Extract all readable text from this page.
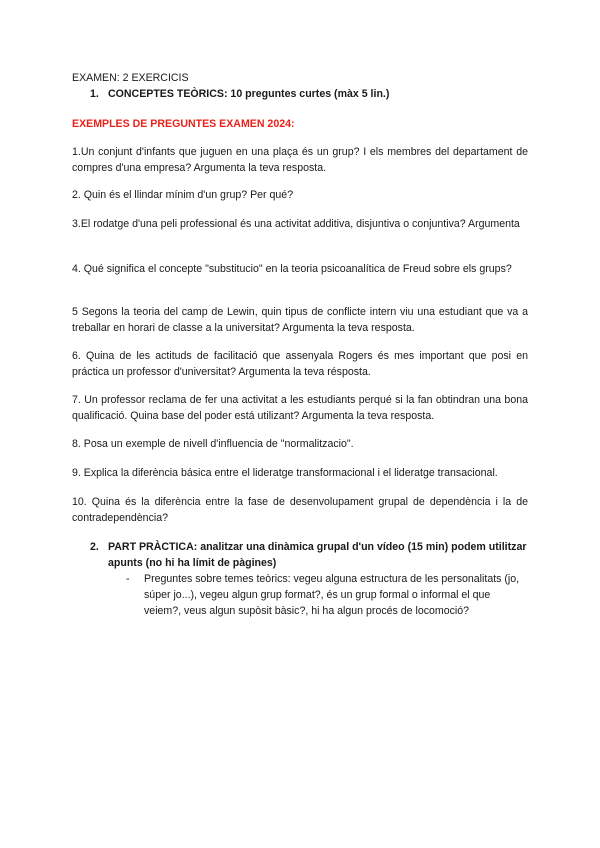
EXAMEN: 2 EXERCICIS
1. CONCEPTES TEÒRICS: 10 preguntes curtes (màx 5 lin.)
EXEMPLES DE PREGUNTES EXAMEN 2024:
1.Un conjunt d'infants que juguen en una plaça és un grup? I els membres del departament de compres d'una empresa? Argumenta la teva resposta.
2. Quin és el llindar mínim d'un grup? Per qué?
3.El rodatge d'una peli professional és una activitat additiva, disjuntiva o conjuntiva? Argumenta
4. Qué significa el concepte "substitucio" en la teoria psicoanalítica de Freud sobre els grups?
5 Segons la teoria del camp de Lewin, quin tipus de conflicte intern viu una estudiant que va a treballar en horari de classe a la universitat? Argumenta la teva resposta.
6. Quina de les actituds de facilitació que assenyala Rogers és mes important que posi en práctica un professor d'universitat? Argumenta la teva résposta.
7. Un professor reclama de fer una activitat a les estudiants perqué si la fan obtindran una bona qualificació. Quina base del poder está utilizant? Argumenta la teva resposta.
8. Posa un exemple de nivell d'influencia de "normalitzacio".
9. Explica la diferència básica entre el lideratge transformacional i el lideratge transacional.
10. Quina és la diferència entre la fase de desenvolupament grupal de dependència i la de contradependència?
2. PART PRÀCTICA: analitzar una dinàmica grupal d'un vídeo (15 min) podem utilitzar apunts (no hi ha límit de pàgines)
- Preguntes sobre temes teòrics: vegeu alguna estructura de les personalitats (jo, súper jo...), vegeu algun grup format?, és un grup formal o informal el que veiem?, veus algun supòsit bàsic?, hi ha algun procés de locomoció?
